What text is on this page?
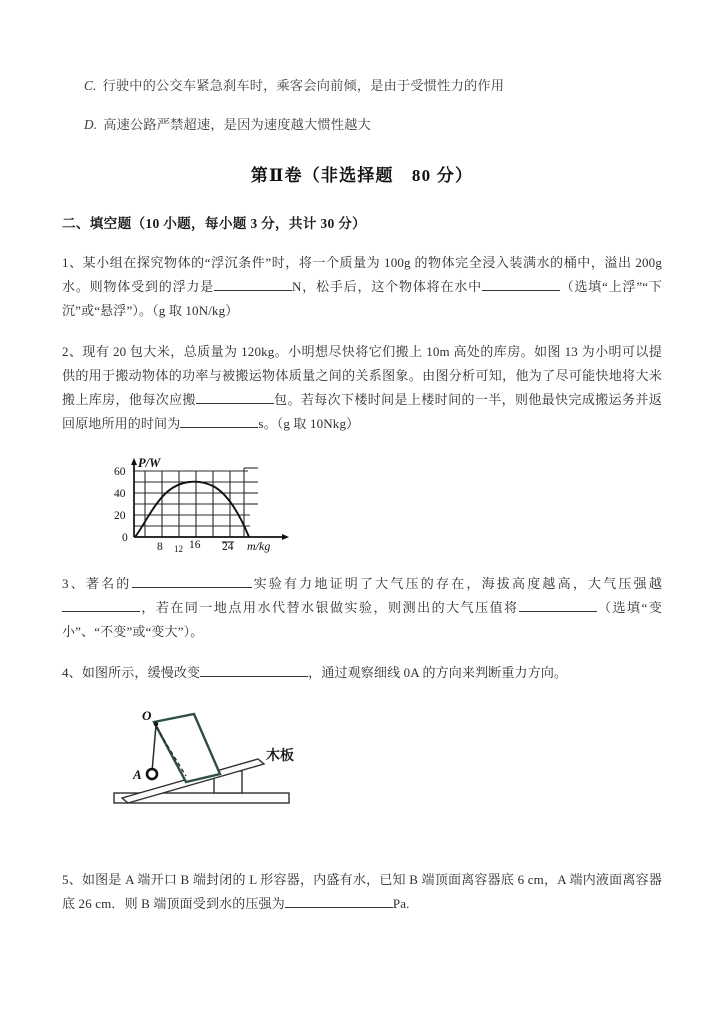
C. 行驶中的公交车紧急刹车时，乘客会向前倾，是由于受惯性力的作用
D. 高速公路严禁超速，是因为速度越大惯性越大
第Ⅱ卷（非选择题　80 分）
二、填空题（10 小题，每小题 3 分，共计 30 分）

1、某小组在探究物体的“浮沉条件”时，将一个质量为 100g 的物体完全浸入装满水的桶中，溢出 200g 水。则物体受到的浮力是	N，松手后，这个物体将在水中	（选填“上浮”“下沉”或“悬浮”）。（g 取 10N/kg）

2、现有 20 包大米，总质量为 120kg。小明想尽快将它们搬上 10m 高处的库房。如图 13 为小明可以提供的用于搬动物体的功率与被搬运物体质量之间的关系图象。由图分析可知，他为了尽可能快地将大米搬上库房，他每次应搬	包。若每次下楼时间是上楼时间的一半，则他最快完成搬运务并返回原地所用的时间为	s。（g 取 10Nkg）

60
40
20
0
8 12 16 24
P/W
m/kg

3、著名的	实验有力地证明了大气压的存在，海拔高度越高，大气压强越，若在同一地点用水代替水银做实验，则测出的大气压值将	（选填“变小”、“不变”或“变大”）。

4、如图所示，缓慢改变	，通过观察细线 0A 的方向来判断重力方向。

O
A
木板

5、如图是 A 端开口 B 端封闭的 L 形容器，内盛有水，已知 B 端顶面离容器底 6 cm，A 端内液面离容器底 26 cm．则 B 端顶面受到水的压强为	Pa.
